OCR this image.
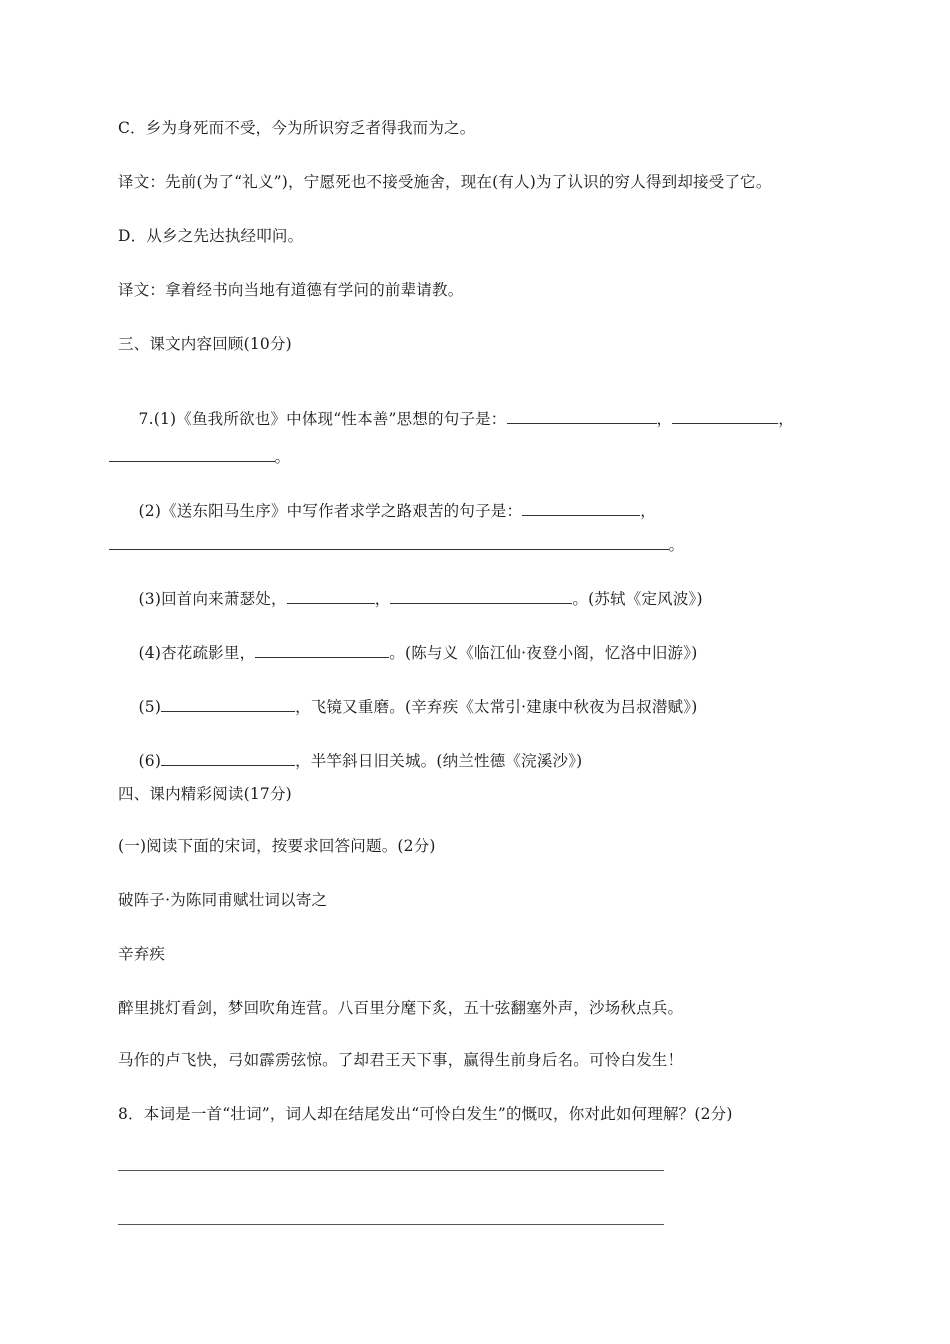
C．乡为身死而不受，今为所识穷乏者得我而为之。
译文：先前(为了“礼义”)，宁愿死也不接受施舍，现在(有人)为了认识的穷人得到却接受了它。
D．从乡之先达执经叩问。
译文：拿着经书向当地有道德有学问的前辈请教。
三、课文内容回顾(10分)

7.(1)《鱼我所欲也》中体现“性本善”思想的句子是：	，	，

。

(2)《送东阳马生序》中写作者求学之路艰苦的句子是：	，

。

(3)回首向来萧瑟处，	，	。(苏轼《定风波》)

(4)杏花疏影里，	。(陈与义《临江仙·夜登小阁，忆洛中旧游》)

(5)	，飞镜又重磨。(辛弃疾《太常引·建康中秋夜为吕叔潜赋》)

(6)	，半竿斜日旧关城。(纳兰性德《浣溪沙》)

四、课内精彩阅读(17分)
(一)阅读下面的宋词，按要求回答问题。(2分)
破阵子·为陈同甫赋壮词以寄之
辛弃疾
醉里挑灯看剑，梦回吹角连营。八百里分麾下炙，五十弦翻塞外声，沙场秋点兵。
马作的卢飞快，弓如霹雳弦惊。了却君王天下事，赢得生前身后名。可怜白发生！
8．本词是一首“壮词”，词人却在结尾发出“可怜白发生”的慨叹，你对此如何理解？(2分)
